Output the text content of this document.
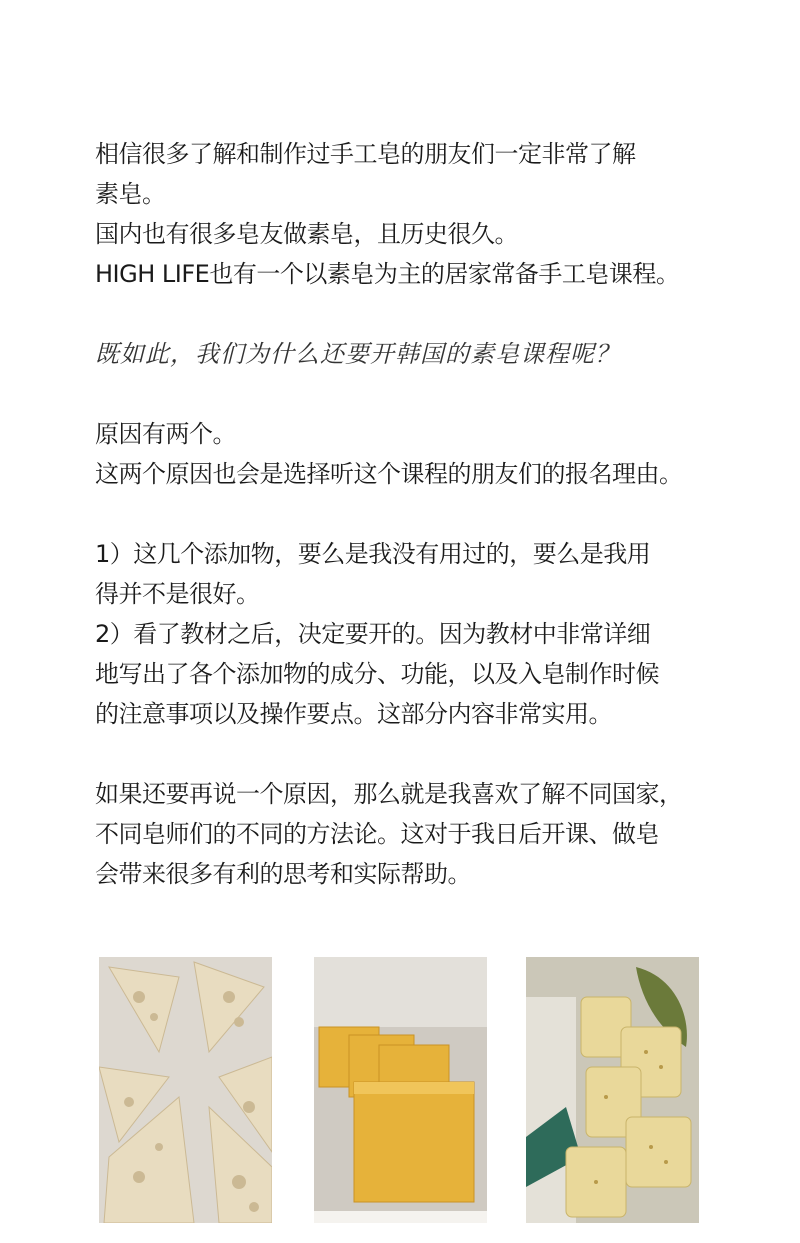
相信很多了解和制作过手工皂的朋友们一定非常了解
素皂。
国内也有很多皂友做素皂，且历史很久。
HIGH LIFE也有一个以素皂为主的居家常备手工皂课程。
既如此，我们为什么还要开韩国的素皂课程呢？
原因有两个。
这两个原因也会是选择听这个课程的朋友们的报名理由。
1）这几个添加物，要么是我没有用过的，要么是我用
得并不是很好。
2）看了教材之后，决定要开的。因为教材中非常详细
地写出了各个添加物的成分、功能，以及入皂制作时候
的注意事项以及操作要点。这部分内容非常实用。
如果还要再说一个原因，那么就是我喜欢了解不同国家，
不同皂师们的不同的方法论。这对于我日后开课、做皂
会带来很多有利的思考和实际帮助。
